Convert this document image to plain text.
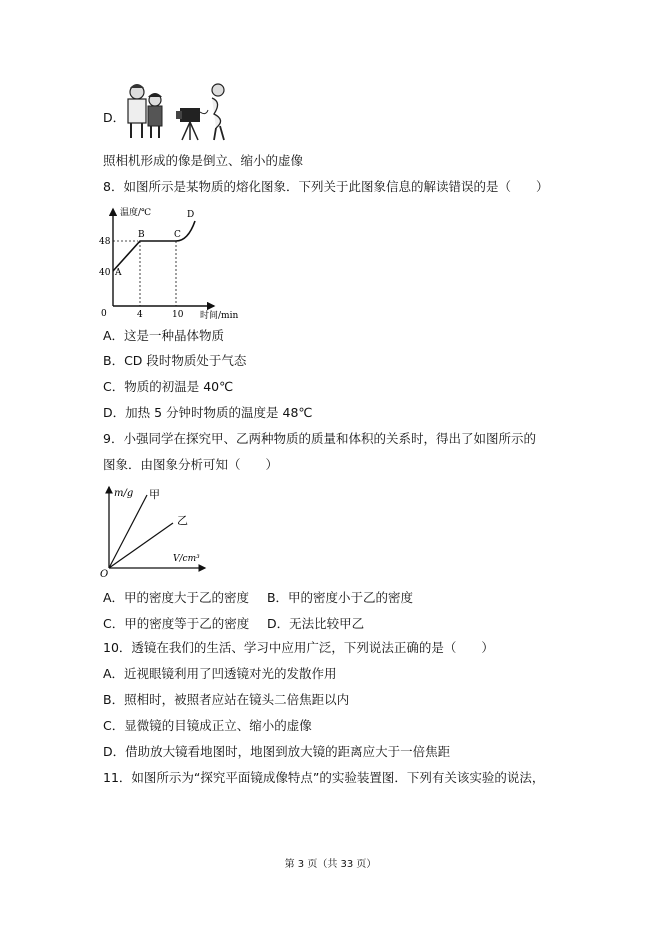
D．
照相机形成的像是倒立、缩小的虚像
8．如图所示是某物质的熔化图象．下列关于此图象信息的解读错误的是（　　）
温度/℃
时间/min
0
48
40
4	10
A
B	C
D
A．这是一种晶体物质
B．CD 段时物质处于气态
C．物质的初温是 40℃
D．加热 5 分钟时物质的温度是 48℃
9．小强同学在探究甲、乙两种物质的质量和体积的关系时，得出了如图所示的
图象．由图象分析可知（　　）
m/g
V/cm³
O
甲
乙
A．甲的密度大于乙的密度 B．甲的密度小于乙的密度
C．甲的密度等于乙的密度 D．无法比较甲乙
10．透镜在我们的生活、学习中应用广泛，下列说法正确的是（　　）
A．近视眼镜利用了凹透镜对光的发散作用
B．照相时，被照者应站在镜头二倍焦距以内
C．显微镜的目镜成正立、缩小的虚像
D．借助放大镜看地图时，地图到放大镜的距离应大于一倍焦距
11．如图所示为“探究平面镜成像特点”的实验装置图．下列有关该实验的说法，
第 3 页（共 33 页）
